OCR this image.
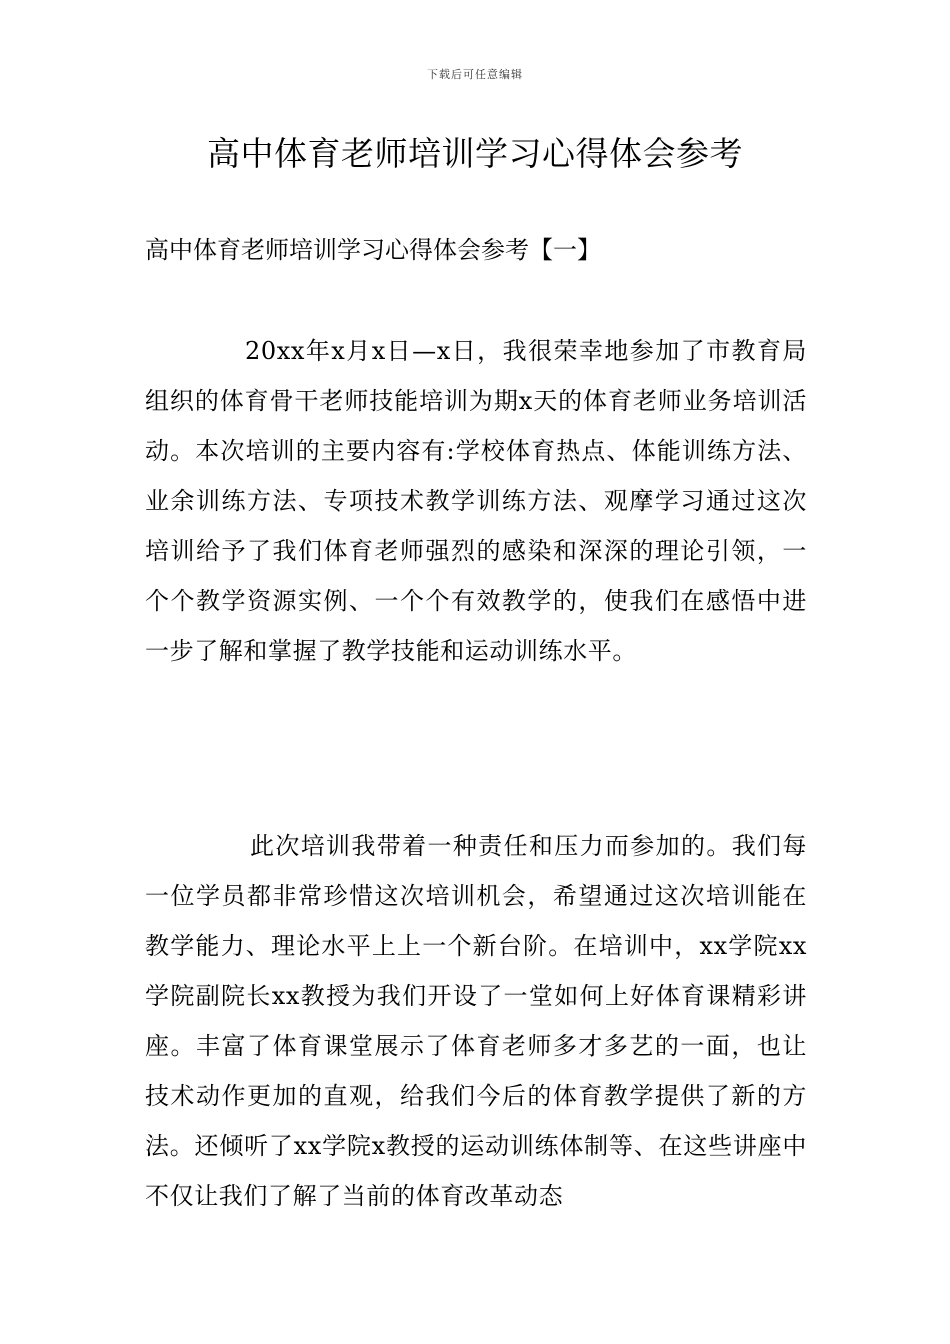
下载后可任意编辑
高中体育老师培训学习心得体会参考
高中体育老师培训学习心得体会参考【一】

20xx年x月x日—x日，我很荣幸地参加了市教育局组织的体育骨干老师技能培训为期x天的体育老师业务培训活动。本次培训的主要内容有:学校体育热点、体能训练方法、业余训练方法、专项技术教学训练方法、观摩学习通过这次培训给予了我们体育老师强烈的感染和深深的理论引领，一个个教学资源实例、一个个有效教学的，使我们在感悟中进一步了解和掌握了教学技能和运动训练水平。

此次培训我带着一种责任和压力而参加的。我们每一位学员都非常珍惜这次培训机会，希望通过这次培训能在教学能力、理论水平上上一个新台阶。在培训中，xx学院xx学院副院长xx教授为我们开设了一堂如何上好体育课精彩讲座。丰富了体育课堂展示了体育老师多才多艺的一面，也让技术动作更加的直观，给我们今后的体育教学提供了新的方法。还倾听了xx学院x教授的运动训练体制等、在这些讲座中不仅让我们了解了当前的体育改革动态
